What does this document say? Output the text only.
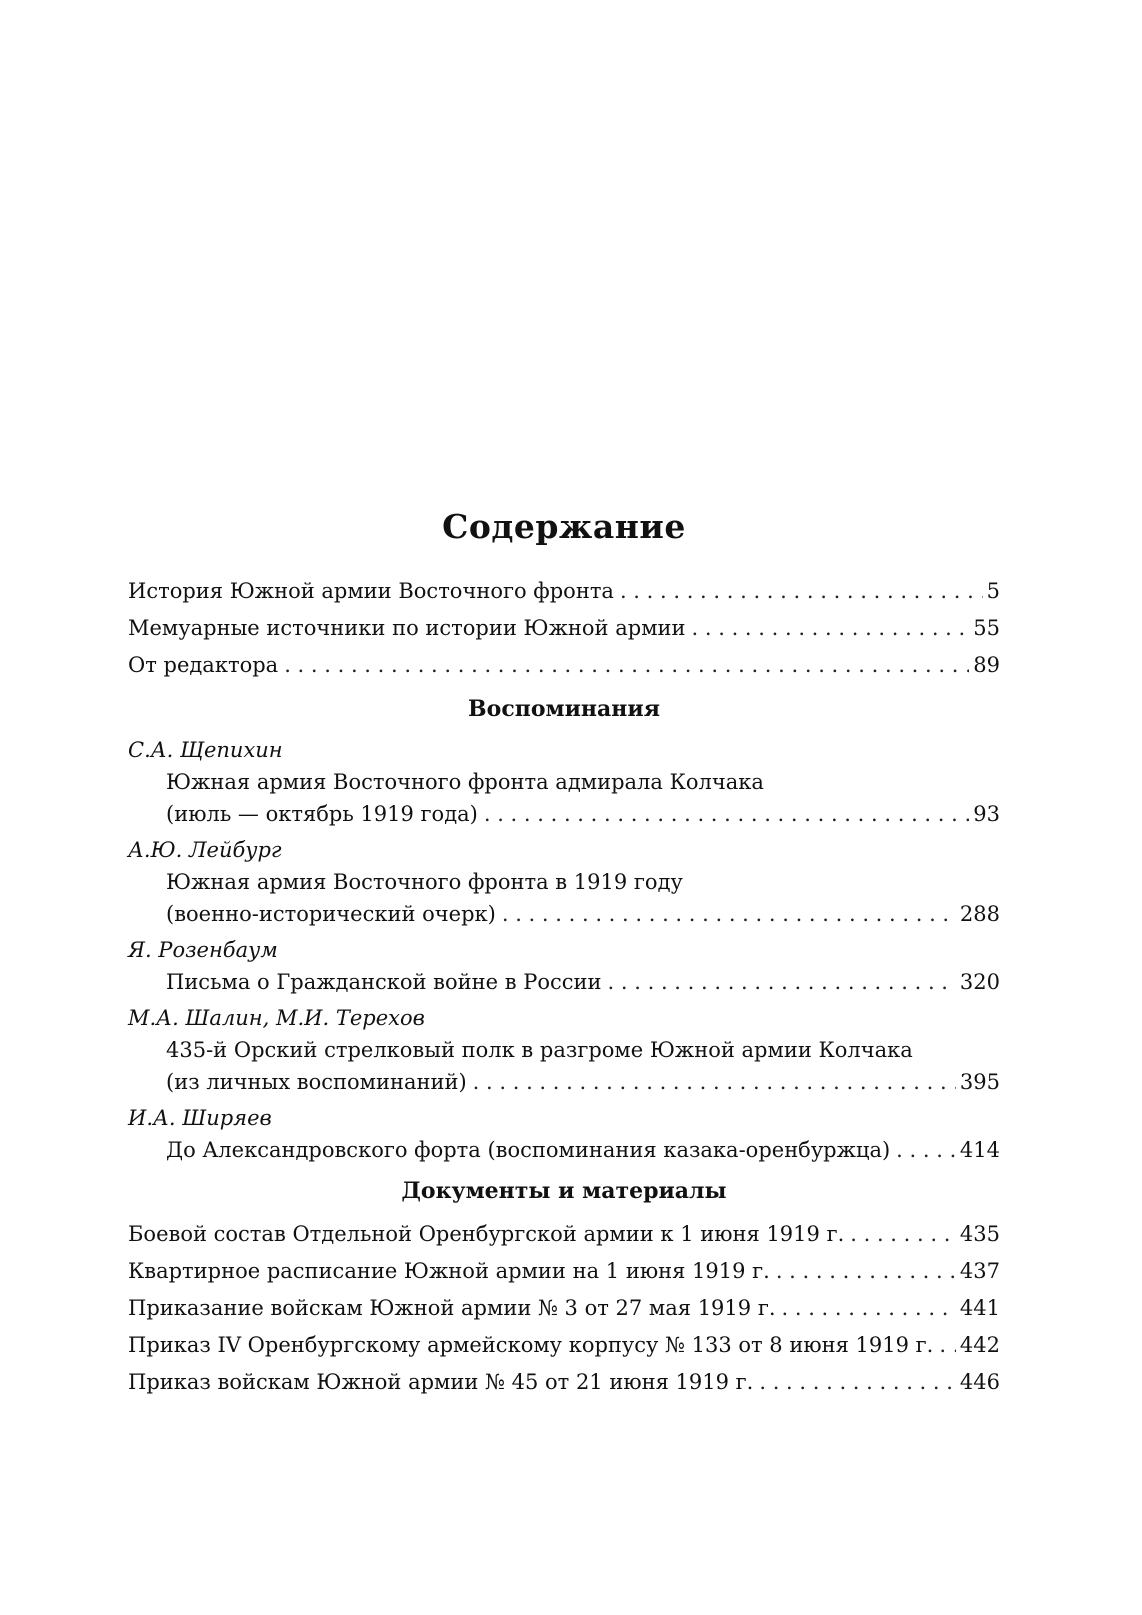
Содержание
История Южной армии Восточного фронта . . .	5
Мемуарные источники по истории Южной армии . . .	55
От редактора . . .	89
Воспоминания
С.А. Щепихин
Южная армия Восточного фронта адмирала Колчака
(июль — октябрь 1919 года) . . .	93
А.Ю. Лейбург
Южная армия Восточного фронта в 1919 году
(военно-исторический очерк) . . .	288
Я. Розенбаум
Письма о Гражданской войне в России . . .	320
М.А. Шалин, М.И. Терехов
435-й Орский стрелковый полк в разгроме Южной армии Колчака
(из личных воспоминаний) . . .	395
И.А. Ширяев
До Александровского форта (воспоминания казака-оренбуржца) . . .	414
Документы и материалы
Боевой состав Отдельной Оренбургской армии к 1 июня 1919 г. . . .	435
Квартирное расписание Южной армии на 1 июня 1919 г. . . .	437
Приказание войскам Южной армии № 3 от 27 мая 1919 г. . . .	441
Приказ IV Оренбургскому армейскому корпусу № 133 от 8 июня 1919 г. . . . 442
Приказ войскам Южной армии № 45 от 21 июня 1919 г. . . .	446
